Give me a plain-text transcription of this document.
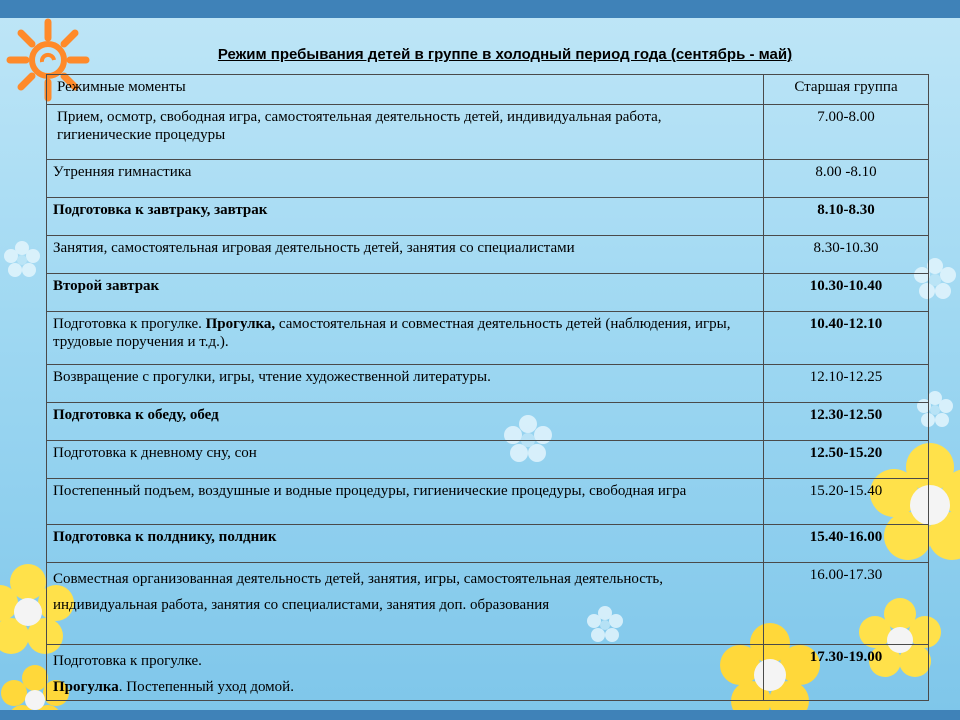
Режим пребывания детей в группе в холодный период года (сентябрь - май)
Режимные моменты	Старшая группа
Прием, осмотр, свободная игра, самостоятельная деятельность детей, индивидуальная работа, гигиенические процедуры	7.00-8.00
Утренняя гимнастика	8.00 -8.10
Подготовка к завтраку, завтрак	8.10-8.30
Занятия, самостоятельная игровая деятельность детей, занятия со специалистами	8.30-10.30
Второй завтрак	10.30-10.40
Подготовка к прогулке. Прогулка, самостоятельная и совместная деятельность детей (наблюдения, игры, трудовые поручения и т.д.).	10.40-12.10
Возвращение с прогулки, игры, чтение художественной литературы.	12.10-12.25
Подготовка к обеду, обед	12.30-12.50
Подготовка к дневному сну, сон	12.50-15.20
Постепенный подъем, воздушные и водные процедуры, гигиенические процедуры, свободная игра	15.20-15.40
Подготовка к полднику, полдник	15.40-16.00
Совместная организованная деятельность детей, занятия, игры, самостоятельная деятельность, индивидуальная работа, занятия со специалистами, занятия доп. образования	16.00-17.30

Подготовка к прогулке.
Прогулка. Постепенный уход домой.	17.30-19.00
